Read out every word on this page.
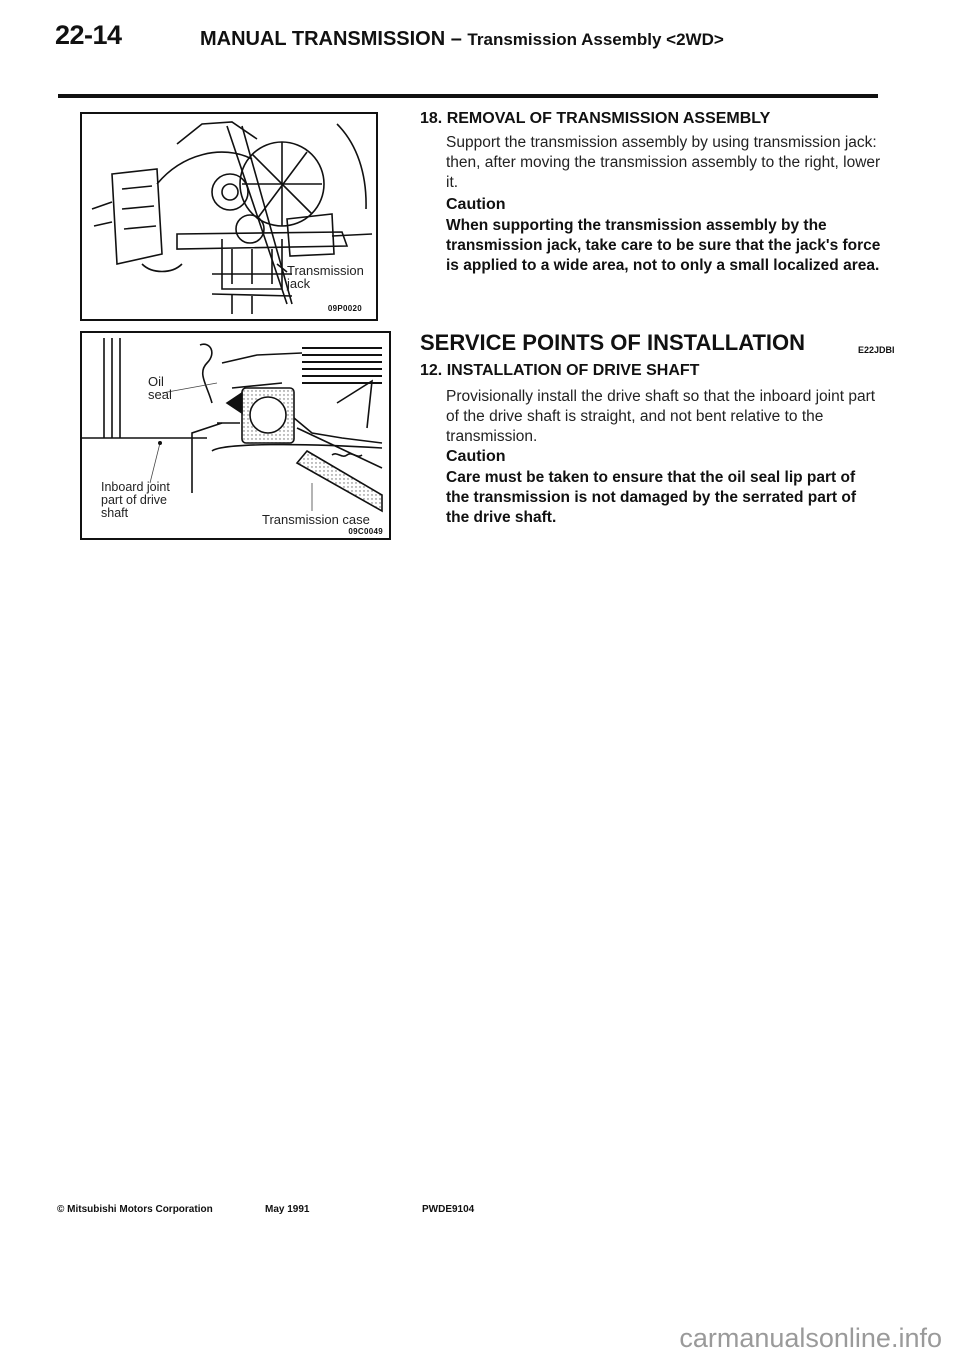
22-14	MANUAL TRANSMISSION – Transmission Assembly <2WD>
Transmission
jack
09P0020
Oil
seal
Inboard joint
part of drive
shaft	Transmission case
09C0049
18. REMOVAL OF TRANSMISSION ASSEMBLY
Support the transmission assembly by using transmission jack: then, after moving the transmission assembly to the right, lower it.
Caution
When supporting the transmission assembly by the transmission jack, take care to be sure that the jack's force is applied to a wide area, not to only a small localized area.
SERVICE POINTS OF INSTALLATION	E22JDBI
12. INSTALLATION OF DRIVE SHAFT
Provisionally install the drive shaft so that the inboard joint part of the drive shaft is straight, and not bent relative to the transmission.
Caution
Care must be taken to ensure that the oil seal lip part of the transmission is not damaged by the serrated part of the drive shaft.
© Mitsubishi Motors Corporation	May 1991	PWDE9104
carmanualsonline.info
